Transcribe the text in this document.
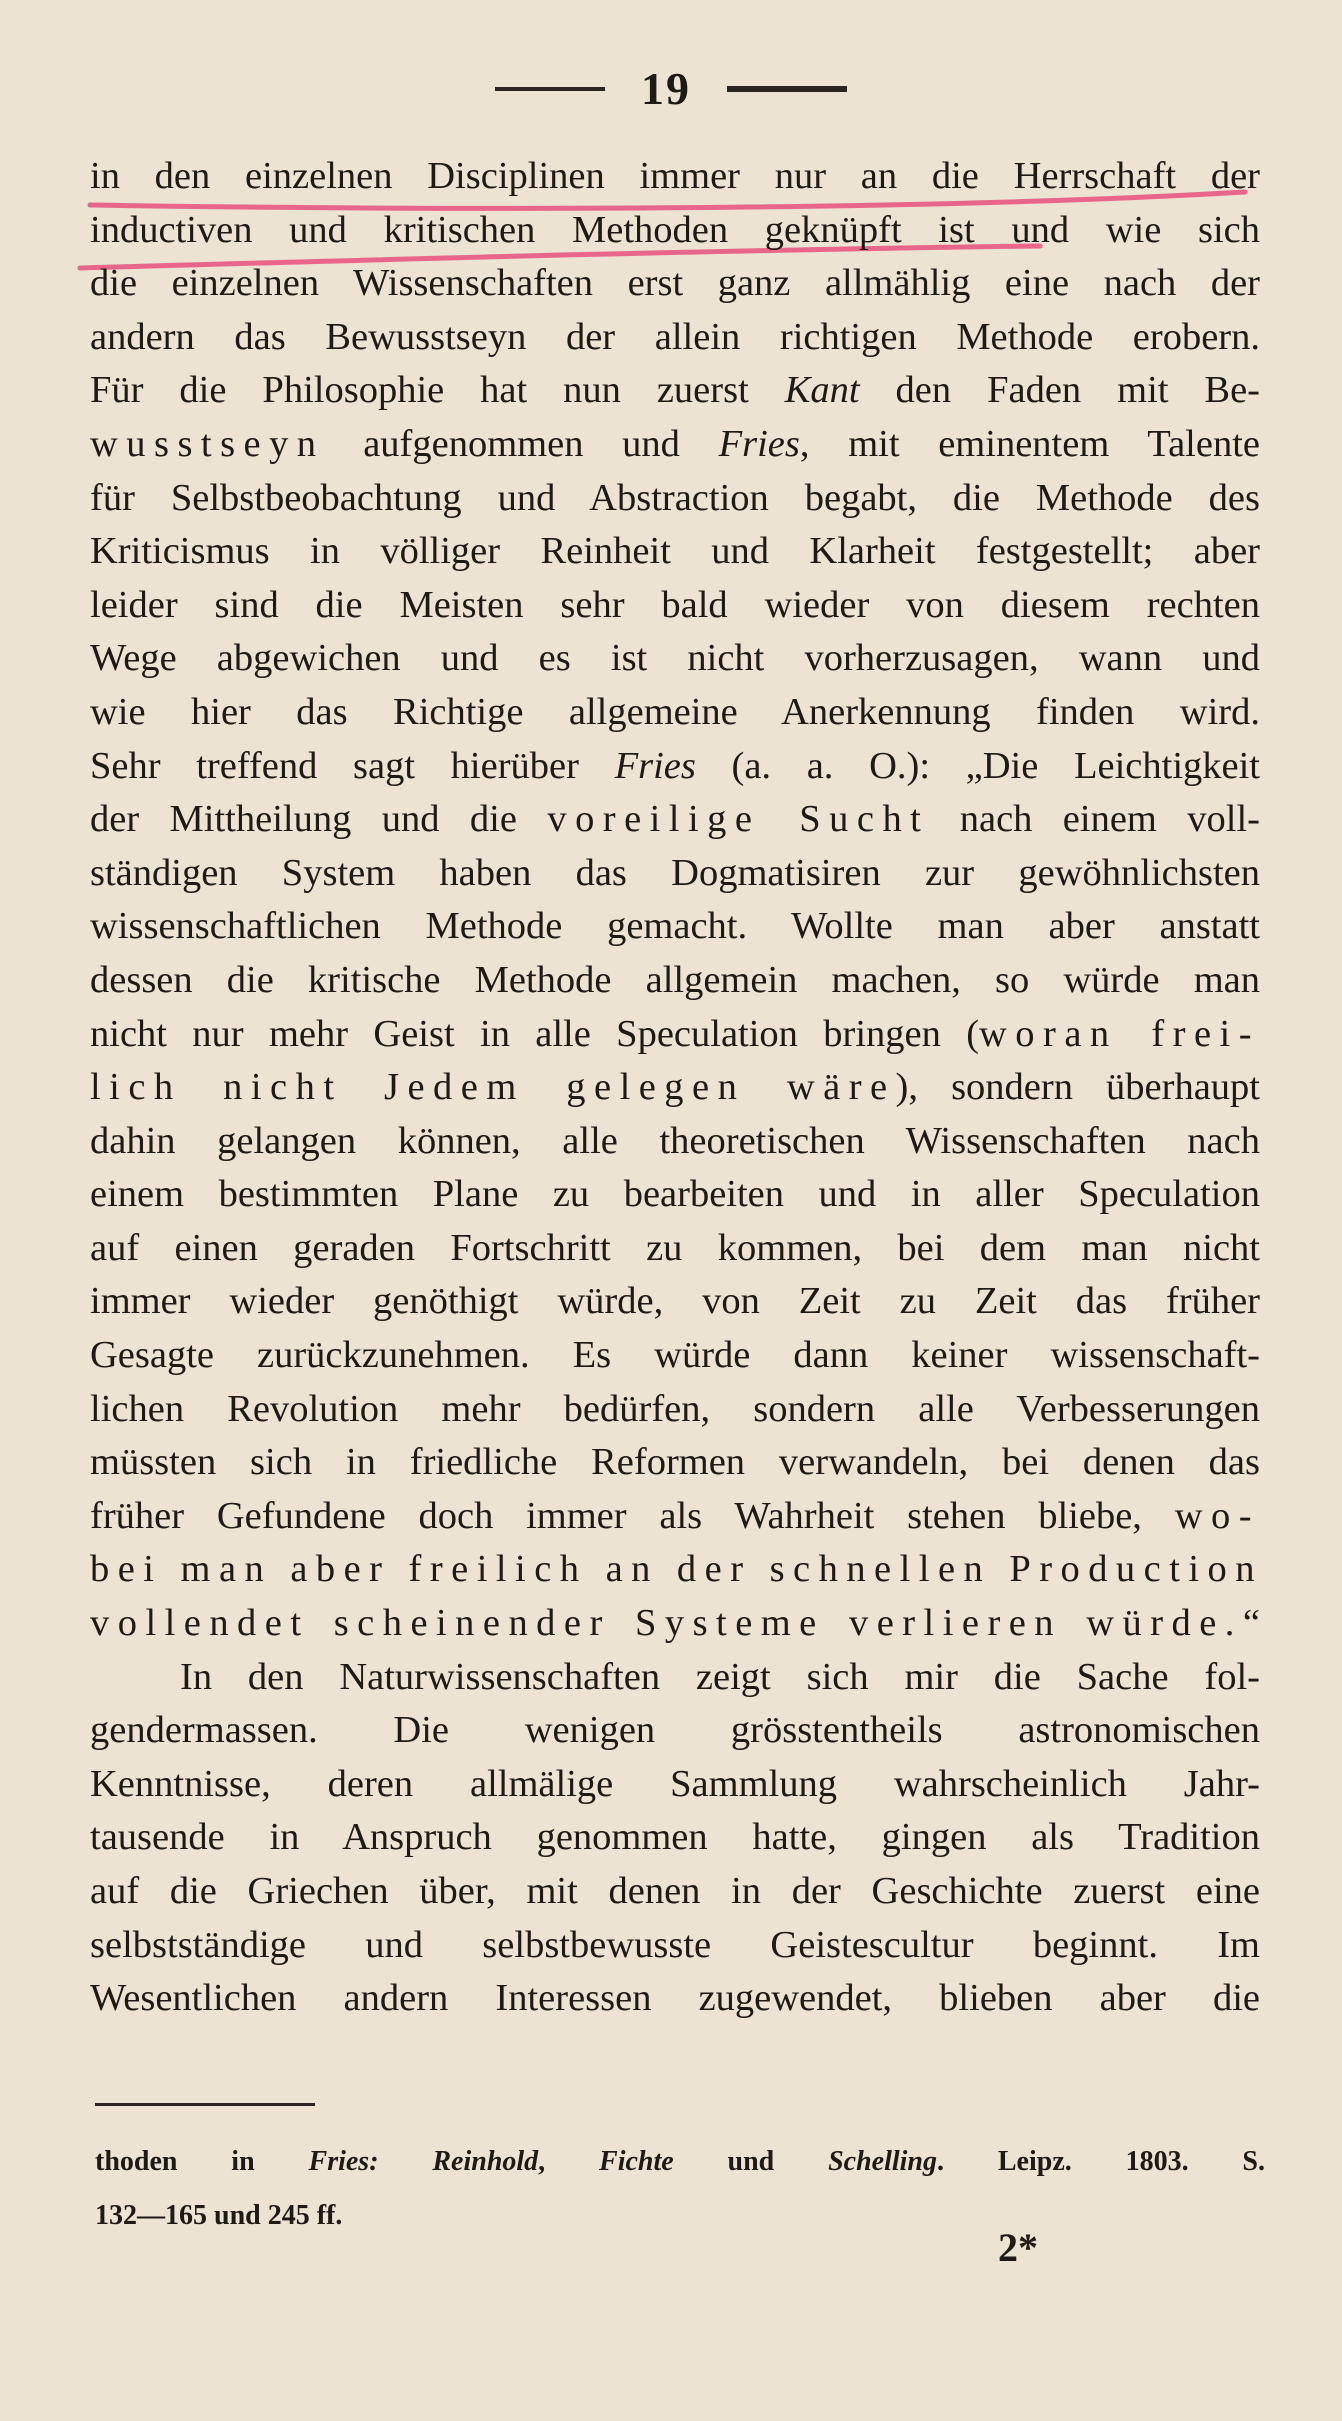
19
in den einzelnen Disciplinen immer nur an die Herrschaft der
inductiven und kritischen Methoden geknüpft ist und wie sich
die einzelnen Wissenschaften erst ganz allmählig eine nach der
andern das Bewusstseyn der allein richtigen Methode erobern.
Für die Philosophie hat nun zuerst Kant den Faden mit Be-
wusstseyn aufgenommen und Fries, mit eminentem Talente
für Selbstbeobachtung und Abstraction begabt, die Methode des
Kriticismus in völliger Reinheit und Klarheit festgestellt; aber
leider sind die Meisten sehr bald wieder von diesem rechten
Wege abgewichen und es ist nicht vorherzusagen, wann und
wie hier das Richtige allgemeine Anerkennung finden wird.
Sehr treffend sagt hierüber Fries (a. a. O.): „Die Leichtigkeit
der Mittheilung und die voreilige Sucht nach einem voll-
ständigen System haben das Dogmatisiren zur gewöhnlichsten
wissenschaftlichen Methode gemacht. Wollte man aber anstatt
dessen die kritische Methode allgemein machen, so würde man
nicht nur mehr Geist in alle Speculation bringen (woran frei-
lich nicht Jedem gelegen wäre), sondern überhaupt
dahin gelangen können, alle theoretischen Wissenschaften nach
einem bestimmten Plane zu bearbeiten und in aller Speculation
auf einen geraden Fortschritt zu kommen, bei dem man nicht
immer wieder genöthigt würde, von Zeit zu Zeit das früher
Gesagte zurückzunehmen. Es würde dann keiner wissenschaft-
lichen Revolution mehr bedürfen, sondern alle Verbesserungen
müssten sich in friedliche Reformen verwandeln, bei denen das
früher Gefundene doch immer als Wahrheit stehen bliebe, wo-
bei man aber freilich an der schnellen Production
vollendet scheinender Systeme verlieren würde.“
In den Naturwissenschaften zeigt sich mir die Sache fol-
gendermassen. Die wenigen grösstentheils astronomischen
Kenntnisse, deren allmälige Sammlung wahrscheinlich Jahr-
tausende in Anspruch genommen hatte, gingen als Tradition
auf die Griechen über, mit denen in der Geschichte zuerst eine
selbstständige und selbstbewusste Geistescultur beginnt. Im
Wesentlichen andern Interessen zugewendet, blieben aber die
thoden in Fries: Reinhold, Fichte und Schelling. Leipz. 1803. S.
132—165 und 245 ff.
2*
